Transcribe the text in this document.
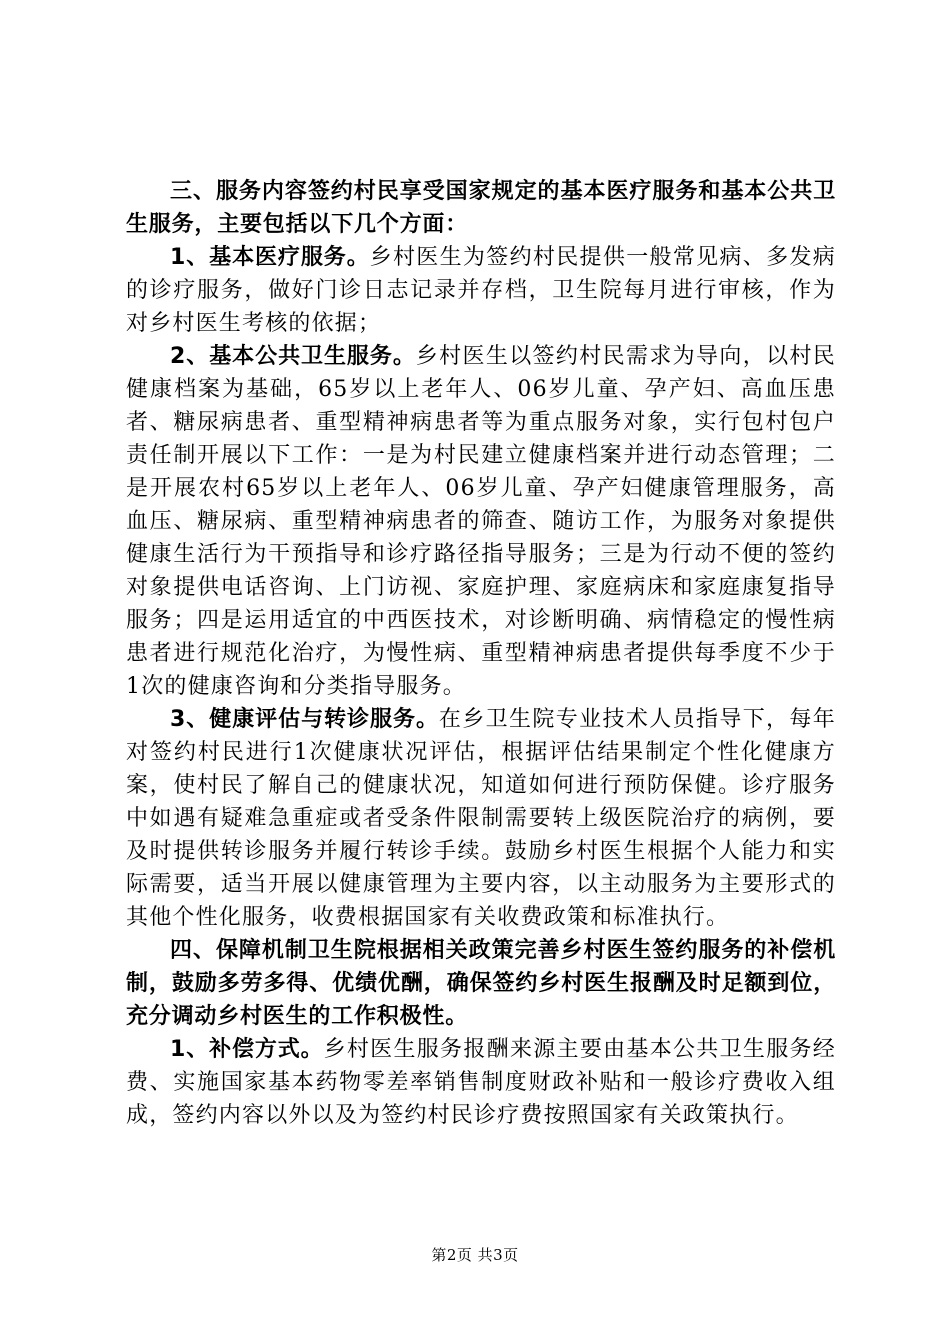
三、服务内容签约村民享受国家规定的基本医疗服务和基本公共卫生服务，主要包括以下几个方面：

1、基本医疗服务。乡村医生为签约村民提供一般常见病、多发病的诊疗服务，做好门诊日志记录并存档，卫生院每月进行审核，作为对乡村医生考核的依据；

2、基本公共卫生服务。乡村医生以签约村民需求为导向，以村民健康档案为基础，65岁以上老年人、06岁儿童、孕产妇、高血压患者、糖尿病患者、重型精神病患者等为重点服务对象，实行包村包户责任制开展以下工作：一是为村民建立健康档案并进行动态管理；二是开展农村65岁以上老年人、06岁儿童、孕产妇健康管理服务，高血压、糖尿病、重型精神病患者的筛查、随访工作，为服务对象提供健康生活行为干预指导和诊疗路径指导服务；三是为行动不便的签约对象提供电话咨询、上门访视、家庭护理、家庭病床和家庭康复指导服务；四是运用适宜的中西医技术，对诊断明确、病情稳定的慢性病患者进行规范化治疗，为慢性病、重型精神病患者提供每季度不少于1次的健康咨询和分类指导服务。

3、健康评估与转诊服务。在乡卫生院专业技术人员指导下，每年对签约村民进行1次健康状况评估，根据评估结果制定个性化健康方案，使村民了解自己的健康状况，知道如何进行预防保健。诊疗服务中如遇有疑难急重症或者受条件限制需要转上级医院治疗的病例，要及时提供转诊服务并履行转诊手续。鼓励乡村医生根据个人能力和实际需要，适当开展以健康管理为主要内容，以主动服务为主要形式的其他个性化服务，收费根据国家有关收费政策和标准执行。

四、保障机制卫生院根据相关政策完善乡村医生签约服务的补偿机制，鼓励多劳多得、优绩优酬，确保签约乡村医生报酬及时足额到位，充分调动乡村医生的工作积极性。

1、补偿方式。乡村医生服务报酬来源主要由基本公共卫生服务经费、实施国家基本药物零差率销售制度财政补贴和一般诊疗费收入组成，签约内容以外以及为签约村民诊疗费按照国家有关政策执行。

第2页 共3页
